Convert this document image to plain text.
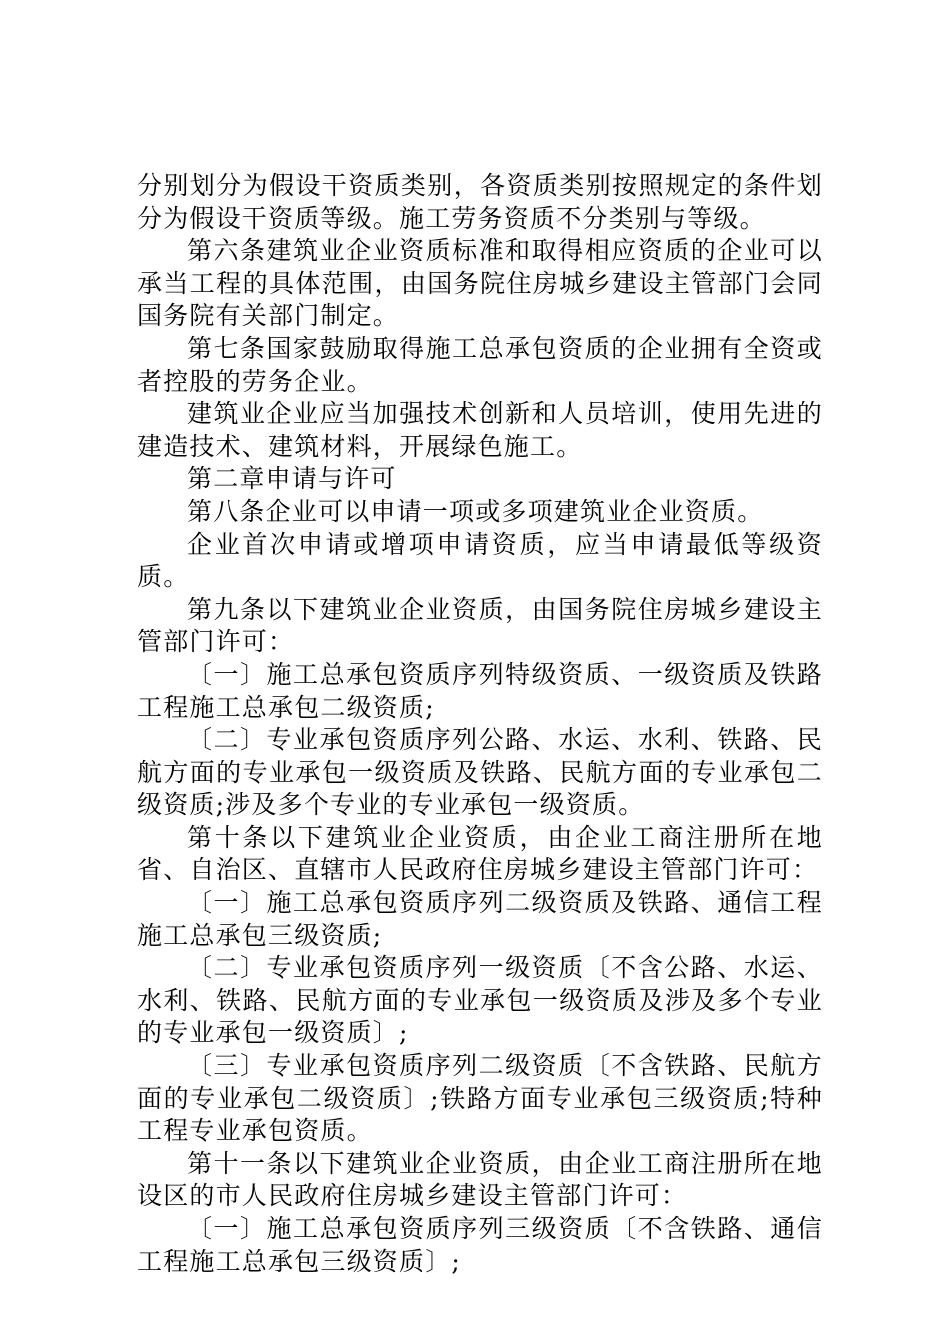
分别划分为假设干资质类别，各资质类别按照规定的条件划分为假设干资质等级。施工劳务资质不分类别与等级。

第六条建筑业企业资质标准和取得相应资质的企业可以承当工程的具体范围，由国务院住房城乡建设主管部门会同国务院有关部门制定。

第七条国家鼓励取得施工总承包资质的企业拥有全资或者控股的劳务企业。

建筑业企业应当加强技术创新和人员培训，使用先进的建造技术、建筑材料，开展绿色施工。

第二章申请与许可

第八条企业可以申请一项或多项建筑业企业资质。

企业首次申请或增项申请资质，应当申请最低等级资质。

第九条以下建筑业企业资质，由国务院住房城乡建设主管部门许可：

〔一〕施工总承包资质序列特级资质、一级资质及铁路工程施工总承包二级资质;

〔二〕专业承包资质序列公路、水运、水利、铁路、民航方面的专业承包一级资质及铁路、民航方面的专业承包二级资质;涉及多个专业的专业承包一级资质。

第十条以下建筑业企业资质，由企业工商注册所在地省、自治区、直辖市人民政府住房城乡建设主管部门许可：

〔一〕施工总承包资质序列二级资质及铁路、通信工程施工总承包三级资质;

〔二〕专业承包资质序列一级资质〔不含公路、水运、水利、铁路、民航方面的专业承包一级资质及涉及多个专业的专业承包一级资质〕;

〔三〕专业承包资质序列二级资质〔不含铁路、民航方面的专业承包二级资质〕;铁路方面专业承包三级资质;特种工程专业承包资质。

第十一条以下建筑业企业资质，由企业工商注册所在地设区的市人民政府住房城乡建设主管部门许可：

〔一〕施工总承包资质序列三级资质〔不含铁路、通信工程施工总承包三级资质〕;
